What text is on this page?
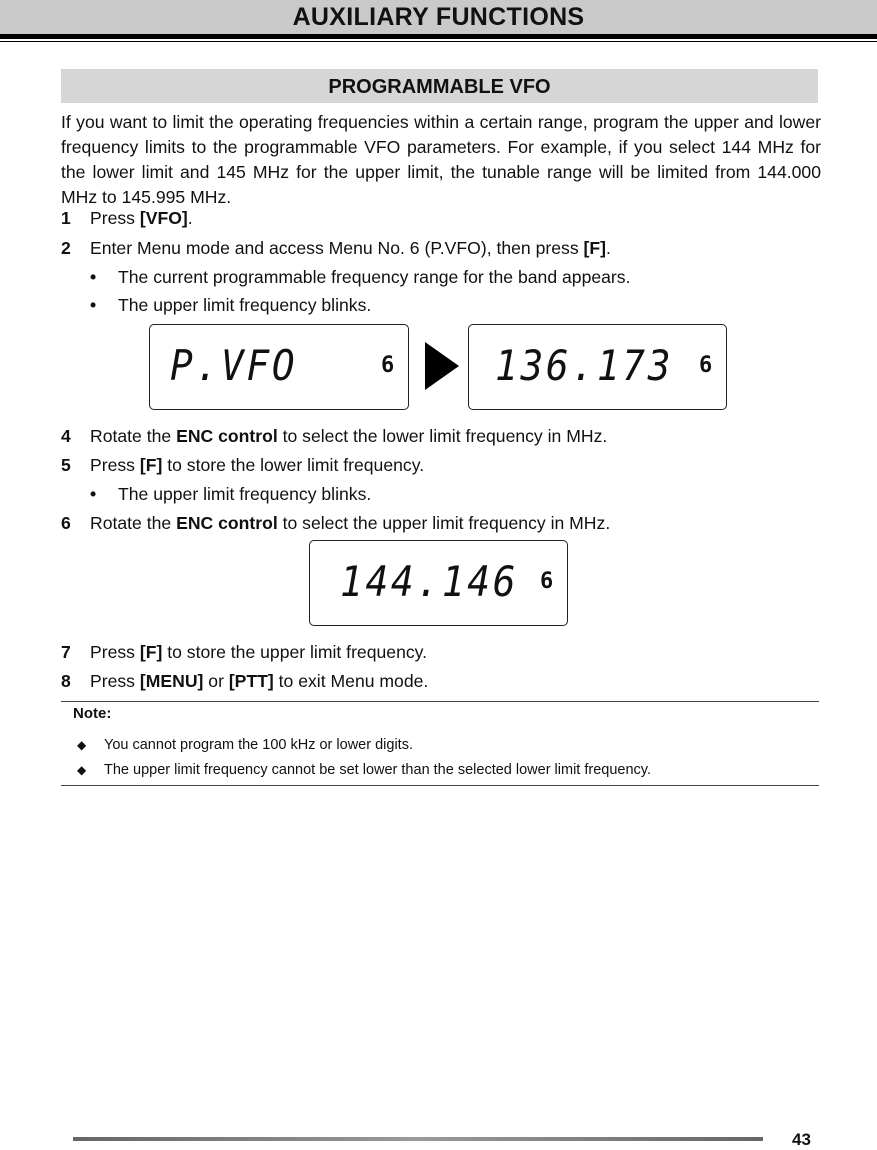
AUXILIARY FUNCTIONS
PROGRAMMABLE VFO

If you want to limit the operating frequencies within a certain range, program the upper and lower frequency limits to the programmable VFO parameters. For example, if you select 144 MHz for the lower limit and 145 MHz for the upper limit, the tunable range will be limited from 144.000 MHz to 145.995 MHz.

1 Press [VFO].
2 Enter Menu mode and access Menu No. 6 (P.VFO), then press [F].
• The current programmable frequency range for the band appears.
• The upper limit frequency blinks.
P.VFO	6 136.173 6
4 Rotate the ENC control to select the lower limit frequency in MHz.
5 Press [F] to store the lower limit frequency.
• The upper limit frequency blinks.
6 Rotate the ENC control to select the upper limit frequency in MHz.
144.146 6
7 Press [F] to store the upper limit frequency.
8 Press [MENU] or [PTT] to exit Menu mode.
Note:
◆ You cannot program the 100 kHz or lower digits.
◆ The upper limit frequency cannot be set lower than the selected lower limit frequency.
43
